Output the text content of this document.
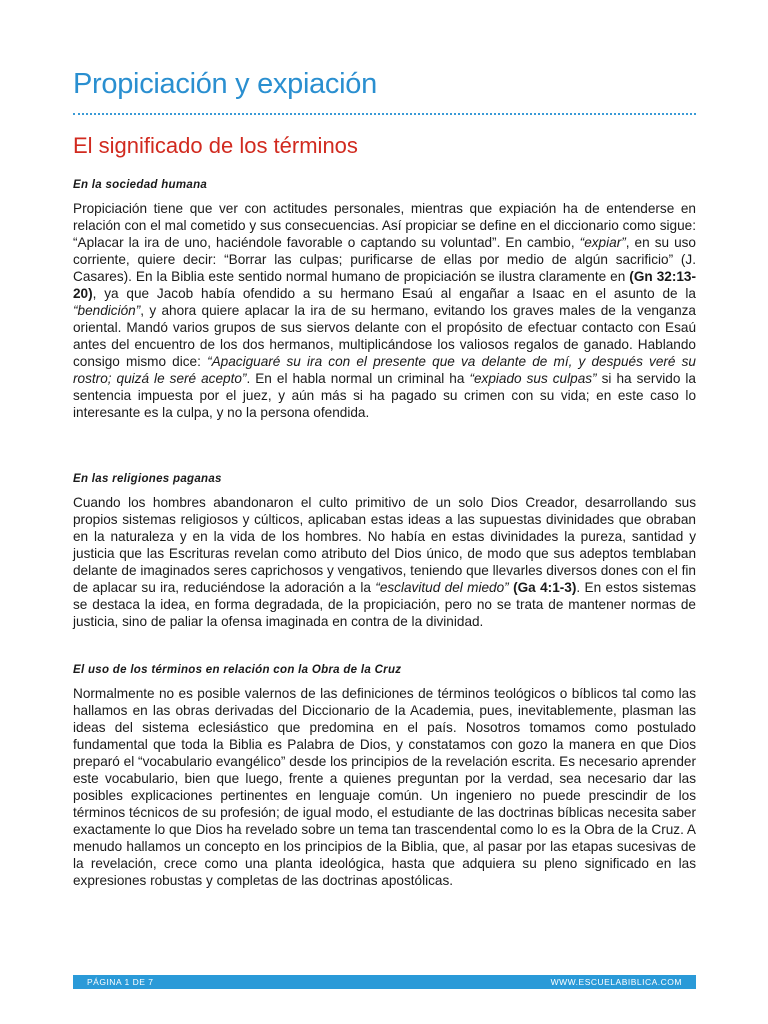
Propiciación y expiación
El significado de los términos

En la sociedad humana

Propiciación tiene que ver con actitudes personales, mientras que expiación ha de entenderse en relación con el mal cometido y sus consecuencias. Así propiciar se define en el diccionario como sigue: “Aplacar la ira de uno, haciéndole favorable o captando su voluntad”. En cambio, “expiar”, en su uso corriente, quiere decir: “Borrar las culpas; purificarse de ellas por medio de algún sacrificio” (J. Casares). En la Biblia este sentido normal humano de propiciación se ilustra claramente en (Gn 32:13-20), ya que Jacob había ofendido a su hermano Esaú al engañar a Isaac en el asunto de la “bendición”, y ahora quiere aplacar la ira de su hermano, evitando los graves males de la venganza oriental. Mandó varios grupos de sus siervos delante con el propósito de efectuar contacto con Esaú antes del encuentro de los dos hermanos, multiplicándose los valiosos regalos de ganado. Hablando consigo mismo dice: “Apaciguaré su ira con el presente que va delante de mí, y después veré su rostro; quizá le seré acepto”. En el habla normal un criminal ha “expiado sus culpas” si ha servido la sentencia impuesta por el juez, y aún más si ha pagado su crimen con su vida; en este caso lo interesante es la culpa, y no la persona ofendida.

En las religiones paganas

Cuando los hombres abandonaron el culto primitivo de un solo Dios Creador, desarrollando sus propios sistemas religiosos y cúlticos, aplicaban estas ideas a las supuestas divinidades que obraban en la naturaleza y en la vida de los hombres. No había en estas divinidades la pureza, santidad y justicia que las Escrituras revelan como atributo del Dios único, de modo que sus adeptos temblaban delante de imaginados seres caprichosos y vengativos, teniendo que llevarles diversos dones con el fin de aplacar su ira, reduciéndose la adoración a la “esclavitud del miedo” (Ga 4:1-3). En estos sistemas se destaca la idea, en forma degradada, de la propiciación, pero no se trata de mantener normas de justicia, sino de paliar la ofensa imaginada en contra de la divinidad.

El uso de los términos en relación con la Obra de la Cruz

Normalmente no es posible valernos de las definiciones de términos teológicos o bíblicos tal como las hallamos en las obras derivadas del Diccionario de la Academia, pues, inevitablemente, plasman las ideas del sistema eclesiástico que predomina en el país. Nosotros tomamos como postulado fundamental que toda la Biblia es Palabra de Dios, y constatamos con gozo la manera en que Dios preparó el “vocabulario evangélico” desde los principios de la revelación escrita. Es necesario aprender este vocabulario, bien que luego, frente a quienes preguntan por la verdad, sea necesario dar las posibles explicaciones pertinentes en lenguaje común. Un ingeniero no puede prescindir de los términos técnicos de su profesión; de igual modo, el estudiante de las doctrinas bíblicas necesita saber exactamente lo que Dios ha revelado sobre un tema tan trascendental como lo es la Obra de la Cruz. A menudo hallamos un concepto en los principios de la Biblia, que, al pasar por las etapas sucesivas de la revelación, crece como una planta ideológica, hasta que adquiera su pleno significado en las expresiones robustas y completas de las doctrinas apostólicas.

PÁGINA 1 DE 7	WWW.ESCUELABIBLICA.COM
